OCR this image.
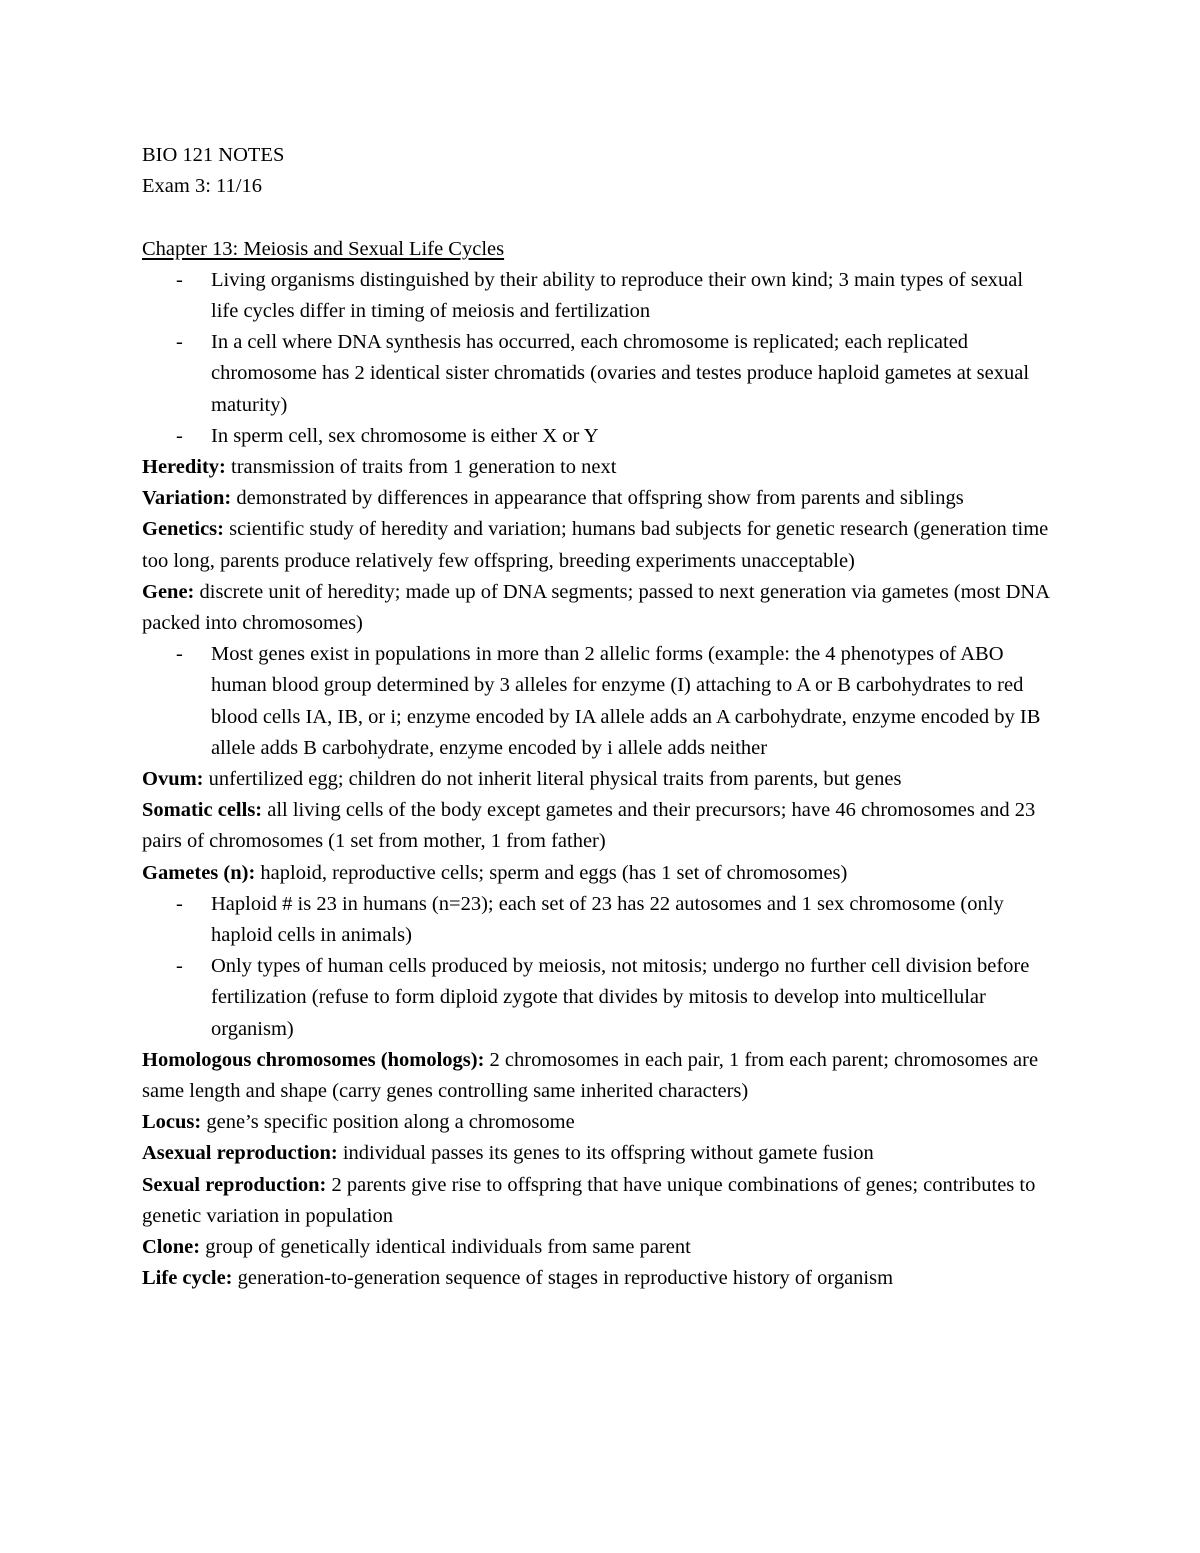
BIO 121 NOTES
Exam 3: 11/16

Chapter 13: Meiosis and Sexual Life Cycles

- Living organisms distinguished by their ability to reproduce their own kind; 3 main types of sexual life cycles differ in timing of meiosis and fertilization

- In a cell where DNA synthesis has occurred, each chromosome is replicated; each replicated chromosome has 2 identical sister chromatids (ovaries and testes produce haploid gametes at sexual maturity)

- In sperm cell, sex chromosome is either X or Y

Heredity: transmission of traits from 1 generation to next

Variation: demonstrated by differences in appearance that offspring show from parents and siblings

Genetics: scientific study of heredity and variation; humans bad subjects for genetic research (generation time too long, parents produce relatively few offspring, breeding experiments unacceptable)

Gene: discrete unit of heredity; made up of DNA segments; passed to next generation via gametes (most DNA packed into chromosomes)

- Most genes exist in populations in more than 2 allelic forms (example: the 4 phenotypes of ABO human blood group determined by 3 alleles for enzyme (I) attaching to A or B carbohydrates to red blood cells IA, IB, or i; enzyme encoded by IA allele adds an A carbohydrate, enzyme encoded by IB allele adds B carbohydrate, enzyme encoded by i allele adds neither

Ovum: unfertilized egg; children do not inherit literal physical traits from parents, but genes

Somatic cells: all living cells of the body except gametes and their precursors; have 46 chromosomes and 23 pairs of chromosomes (1 set from mother, 1 from father)

Gametes (n): haploid, reproductive cells; sperm and eggs (has 1 set of chromosomes)

- Haploid # is 23 in humans (n=23); each set of 23 has 22 autosomes and 1 sex chromosome (only haploid cells in animals)

- Only types of human cells produced by meiosis, not mitosis; undergo no further cell division before fertilization (refuse to form diploid zygote that divides by mitosis to develop into multicellular organism)

Homologous chromosomes (homologs): 2 chromosomes in each pair, 1 from each parent; chromosomes are same length and shape (carry genes controlling same inherited characters)

Locus: gene’s specific position along a chromosome

Asexual reproduction: individual passes its genes to its offspring without gamete fusion

Sexual reproduction: 2 parents give rise to offspring that have unique combinations of genes; contributes to genetic variation in population

Clone: group of genetically identical individuals from same parent

Life cycle: generation-to-generation sequence of stages in reproductive history of organism
